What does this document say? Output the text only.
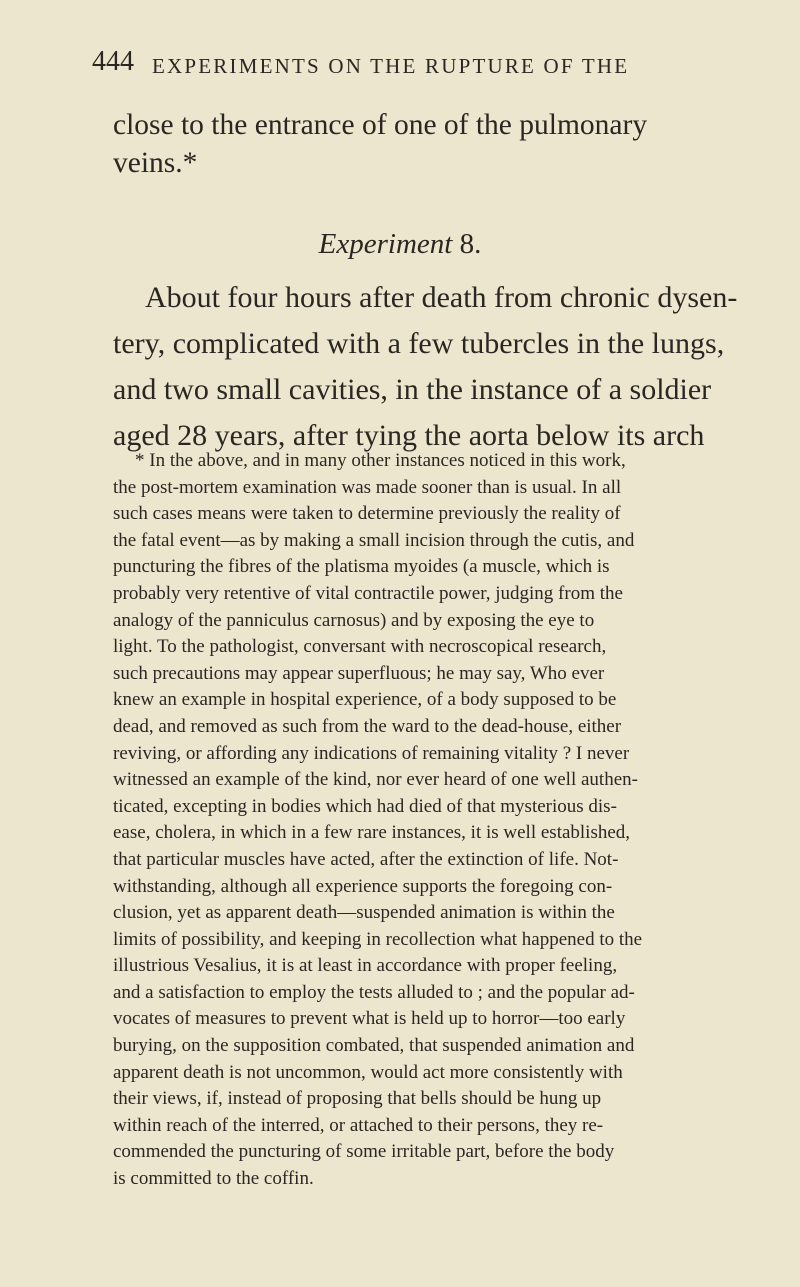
444 EXPERIMENTS ON THE RUPTURE OF THE
close to the entrance of one of the pulmonary
veins.*
Experiment 8.
About four hours after death from chronic dysen-
tery, complicated with a few tubercles in the lungs,
and two small cavities, in the instance of a soldier
aged 28 years, after tying the aorta below its arch
* In the above, and in many other instances noticed in this work,
the post-mortem examination was made sooner than is usual. In all
such cases means were taken to determine previously the reality of
the fatal event—as by making a small incision through the cutis, and
puncturing the fibres of the platisma myoides (a muscle, which is
probably very retentive of vital contractile power, judging from the
analogy of the panniculus carnosus) and by exposing the eye to
light. To the pathologist, conversant with necroscopical research,
such precautions may appear superfluous; he may say, Who ever
knew an example in hospital experience, of a body supposed to be
dead, and removed as such from the ward to the dead-house, either
reviving, or affording any indications of remaining vitality ? I never
witnessed an example of the kind, nor ever heard of one well authen-
ticated, excepting in bodies which had died of that mysterious dis-
ease, cholera, in which in a few rare instances, it is well established,
that particular muscles have acted, after the extinction of life. Not-
withstanding, although all experience supports the foregoing con-
clusion, yet as apparent death—suspended animation is within the
limits of possibility, and keeping in recollection what happened to the
illustrious Vesalius, it is at least in accordance with proper feeling,
and a satisfaction to employ the tests alluded to ; and the popular ad-
vocates of measures to prevent what is held up to horror—too early
burying, on the supposition combated, that suspended animation and
apparent death is not uncommon, would act more consistently with
their views, if, instead of proposing that bells should be hung up
within reach of the interred, or attached to their persons, they re-
commended the puncturing of some irritable part, before the body
is committed to the coffin.
